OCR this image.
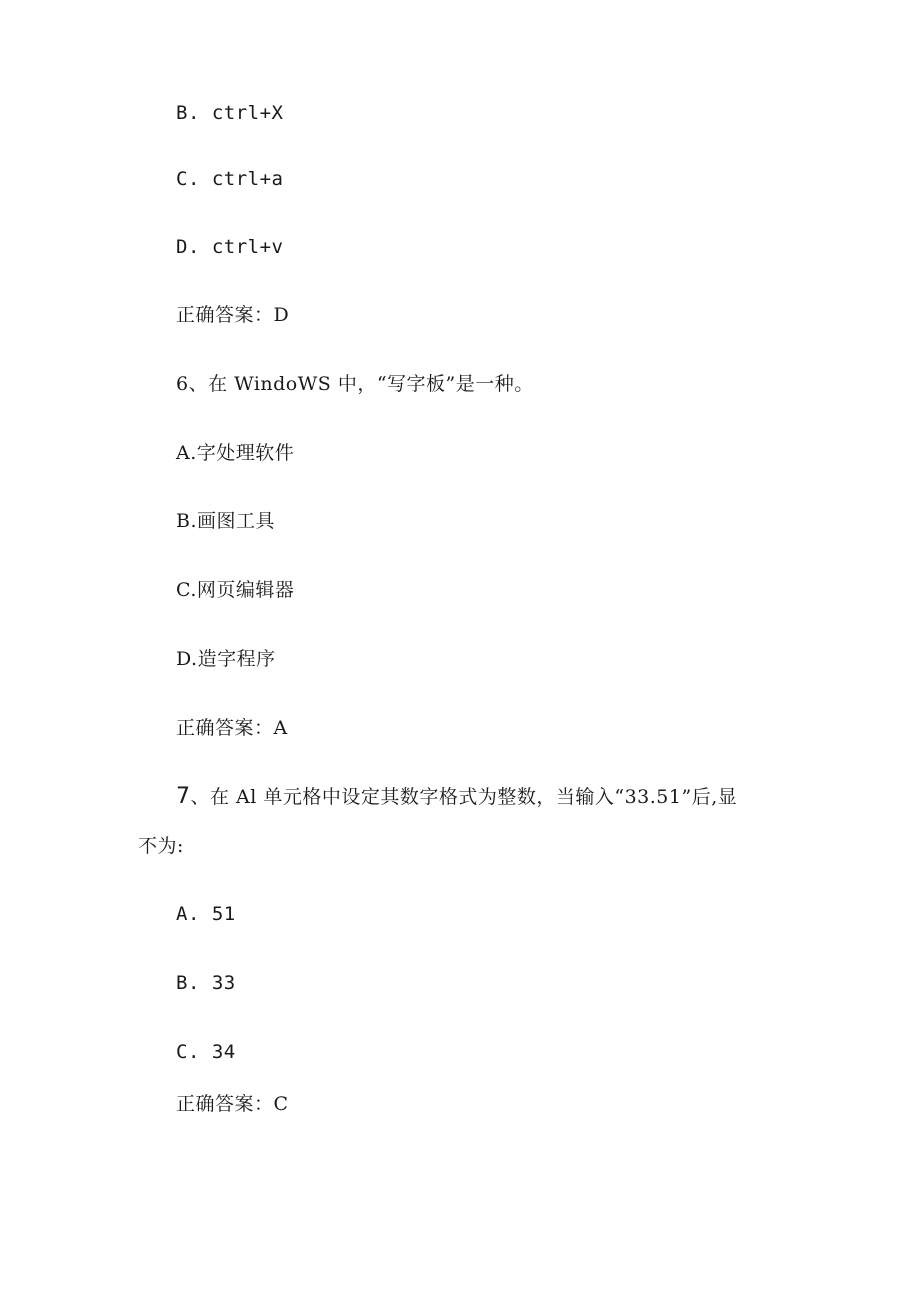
B. ctrl+X
C. ctrl+a
D. ctrl+v
正确答案：D
6、在 WindoWS 中，“写字板”是一种。
A.字处理软件
B.画图工具
C.网页编辑器
D.造字程序
正确答案：A
7、在 Al 单元格中设定其数字格式为整数，当输入“33.51”后,显
不为:
A. 51
B. 33
C. 34
正确答案：C
